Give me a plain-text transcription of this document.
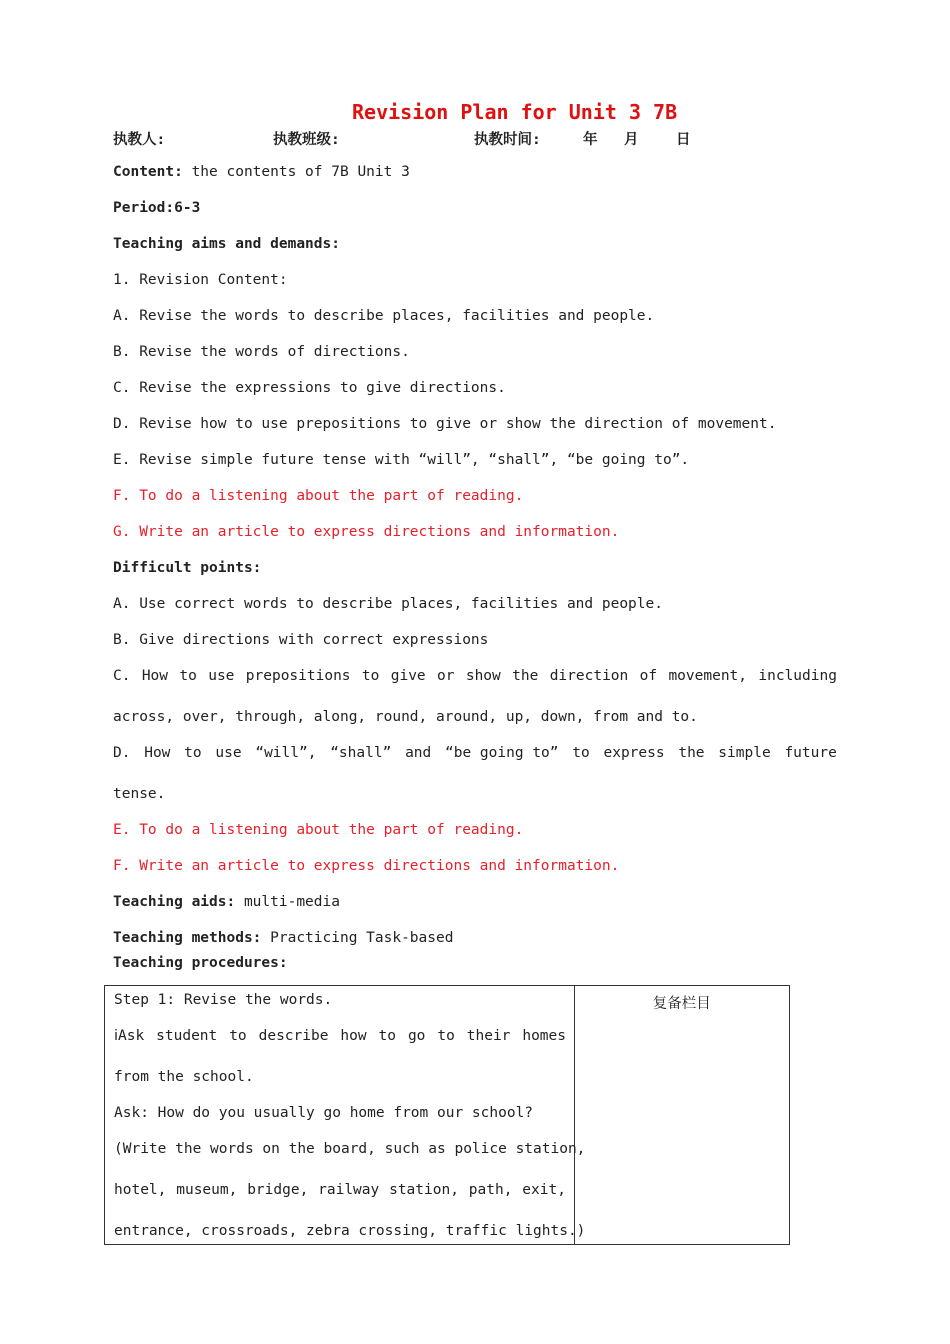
Revision Plan for Unit 3 7B
执教人:	执教班级:	执教时间:	年 月	日
Content: the contents of 7B Unit 3
Period:6-3
Teaching aims and demands:
1. Revision Content:
A. Revise the words to describe places, facilities and people.
B. Revise the words of directions.
C. Revise the expressions to give directions.
D. Revise how to use prepositions to give or show the direction of movement.
E. Revise simple future tense with “will”, “shall”, “be going to”.
F. To do a listening about the part of reading.
G. Write an article to express directions and information.
Difficult points:
A. Use correct words to describe places, facilities and people.
B. Give directions with correct expressions
C. How to use prepositions to give or show the direction of movement, including
across, over, through, along, round, around, up, down, from and to.
D. How to use “will”, “shall” and “be going to” to express the simple future
tense.
E. To do a listening about the part of reading.
F. Write an article to express directions and information.
Teaching aids: multi-media
Teaching methods: Practicing Task-based
Teaching procedures:
Step 1: Revise the words.
ⅰAsk student to describe how to go to their homes
from the school.
Ask: How do you usually go home from our school?
(Write the words on the board, such as police station,
hotel, museum, bridge, railway station, path, exit,
entrance, crossroads, zebra crossing, traffic lights.)

复备栏目
